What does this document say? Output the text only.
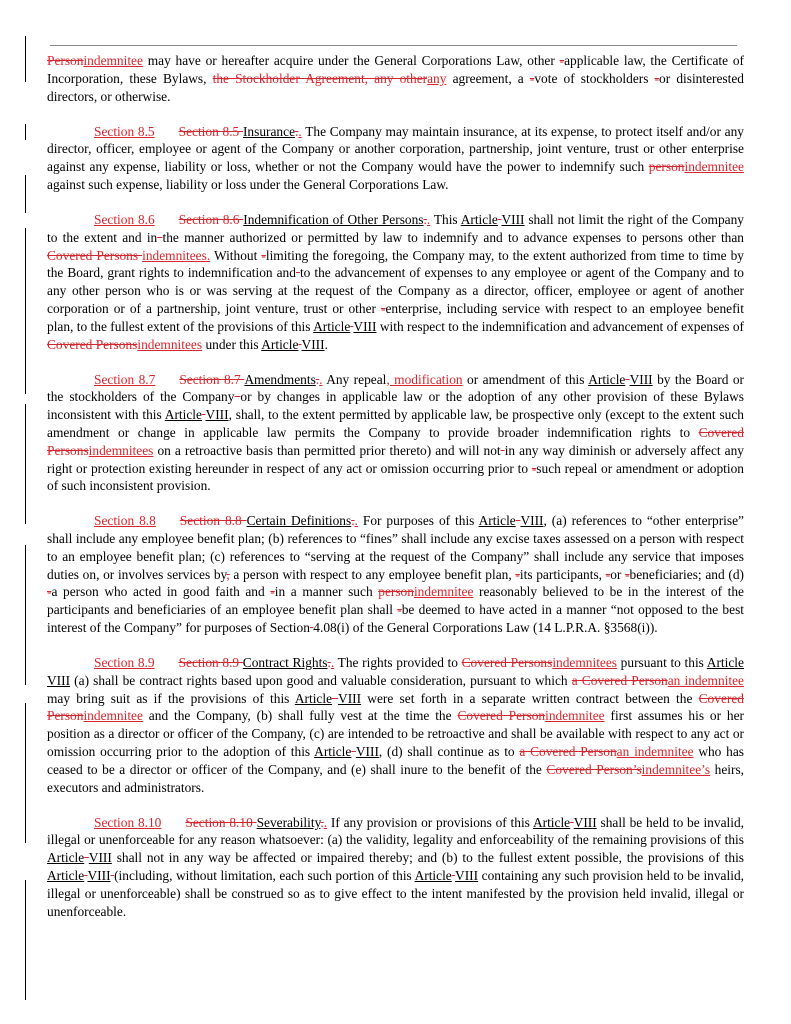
Personindemnitee may have or hereafter acquire under the General Corporations Law, other -applicable law, the Certificate of Incorporation, these Bylaws, the Stockholder Agreement, any otherany agreement, a -vote of stockholders -or disinterested directors, or otherwise.

Section 8.5 Section 8.5 Insurance.. The Company may maintain insurance, at its expense, to protect itself and/or any director, officer, employee or agent of the Company or another corporation, partnership, joint venture, trust or other enterprise against any expense, liability or loss, whether or not the Company would have the power to indemnify such personindemnitee against such expense, liability or loss under the General Corporations Law.

Section 8.6 Section 8.6 Indemnification of Other Persons.. This Article VIII shall not limit the right of the Company to the extent and in the manner authorized or permitted by law to indemnify and to advance expenses to persons other than Covered Persons indemnitees. Without -limiting the foregoing, the Company may, to the extent authorized from time to time by the Board, grant rights to indemnification and to the advancement of expenses to any employee or agent of the Company and to any other person who is or was serving at the request of the Company as a director, officer, employee or agent of another corporation or of a partnership, joint venture, trust or other -enterprise, including service with respect to an employee benefit plan, to the fullest extent of the provisions of this Article VIII with respect to the indemnification and advancement of expenses of Covered Personsindemnitees under this Article VIII.

Section 8.7 Section 8.7 Amendments.. Any repeal, modification or amendment of this Article VIII by the Board or the stockholders of the Company or by changes in applicable law or the adoption of any other provision of these Bylaws inconsistent with this Article VIII, shall, to the extent permitted by applicable law, be prospective only (except to the extent such amendment or change in applicable law permits the Company to provide broader indemnification rights to Covered Personsindemnitees on a retroactive basis than permitted prior thereto) and will not in any way diminish or adversely affect any right or protection existing hereunder in respect of any act or omission occurring prior to -such repeal or amendment or adoption of such inconsistent provision.

Section 8.8 Section 8.8 Certain Definitions.. For purposes of this Article VIII, (a) references to “other enterprise” shall include any employee benefit plan; (b) references to “fines” shall include any excise taxes assessed on a person with respect to an employee benefit plan; (c) references to “serving at the request of the Company” shall include any service that imposes duties on, or involves services by, a person with respect to any employee benefit plan, -its participants, -or -beneficiaries; and (d) -a person who acted in good faith and -in a manner such personindemnitee reasonably believed to be in the interest of the participants and beneficiaries of an employee benefit plan shall -be deemed to have acted in a manner “not opposed to the best interest of the Company” for purposes of Section 4.08(i) of the General Corporations Law (14 L.P.R.A. §3568(i)).

Section 8.9 Section 8.9 Contract Rights.. The rights provided to Covered Personsindemnitees pursuant to this Article VIII (a) shall be contract rights based upon good and valuable consideration, pursuant to which a Covered Personan indemnitee may bring suit as if the provisions of this Article VIII were set forth in a separate written contract between the Covered Personindemnitee and the Company, (b) shall fully vest at the time the Covered Personindemnitee first assumes his or her position as a director or officer of the Company, (c) are intended to be retroactive and shall be available with respect to any act or omission occurring prior to the adoption of this Article VIII, (d) shall continue as to a Covered Personan indemnitee who has ceased to be a director or officer of the Company, and (e) shall inure to the benefit of the Covered Person’sindemnitee’s heirs, executors and administrators.

Section 8.10 Section 8.10 Severability.. If any provision or provisions of this Article VIII shall be held to be invalid, illegal or unenforceable for any reason whatsoever: (a) the validity, legality and enforceability of the remaining provisions of this Article VIII shall not in any way be affected or impaired thereby; and (b) to the fullest extent possible, the provisions of this Article VIII (including, without limitation, each such portion of this Article VIII containing any such provision held to be invalid, illegal or unenforceable) shall be construed so as to give effect to the intent manifested by the provision held invalid, illegal or unenforceable.
